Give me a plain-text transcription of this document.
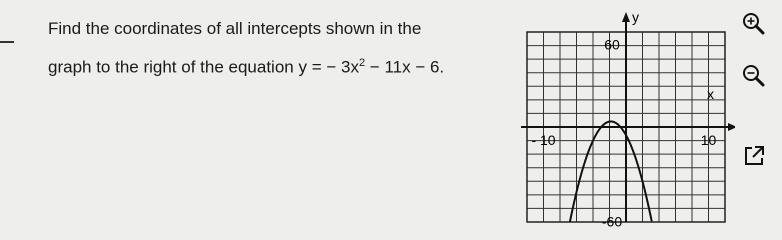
Find the coordinates of all intercepts shown in the
graph to the right of the equation y = − $3x^2 - 11x - 6$.
60
-60
- 10	10
x
y
